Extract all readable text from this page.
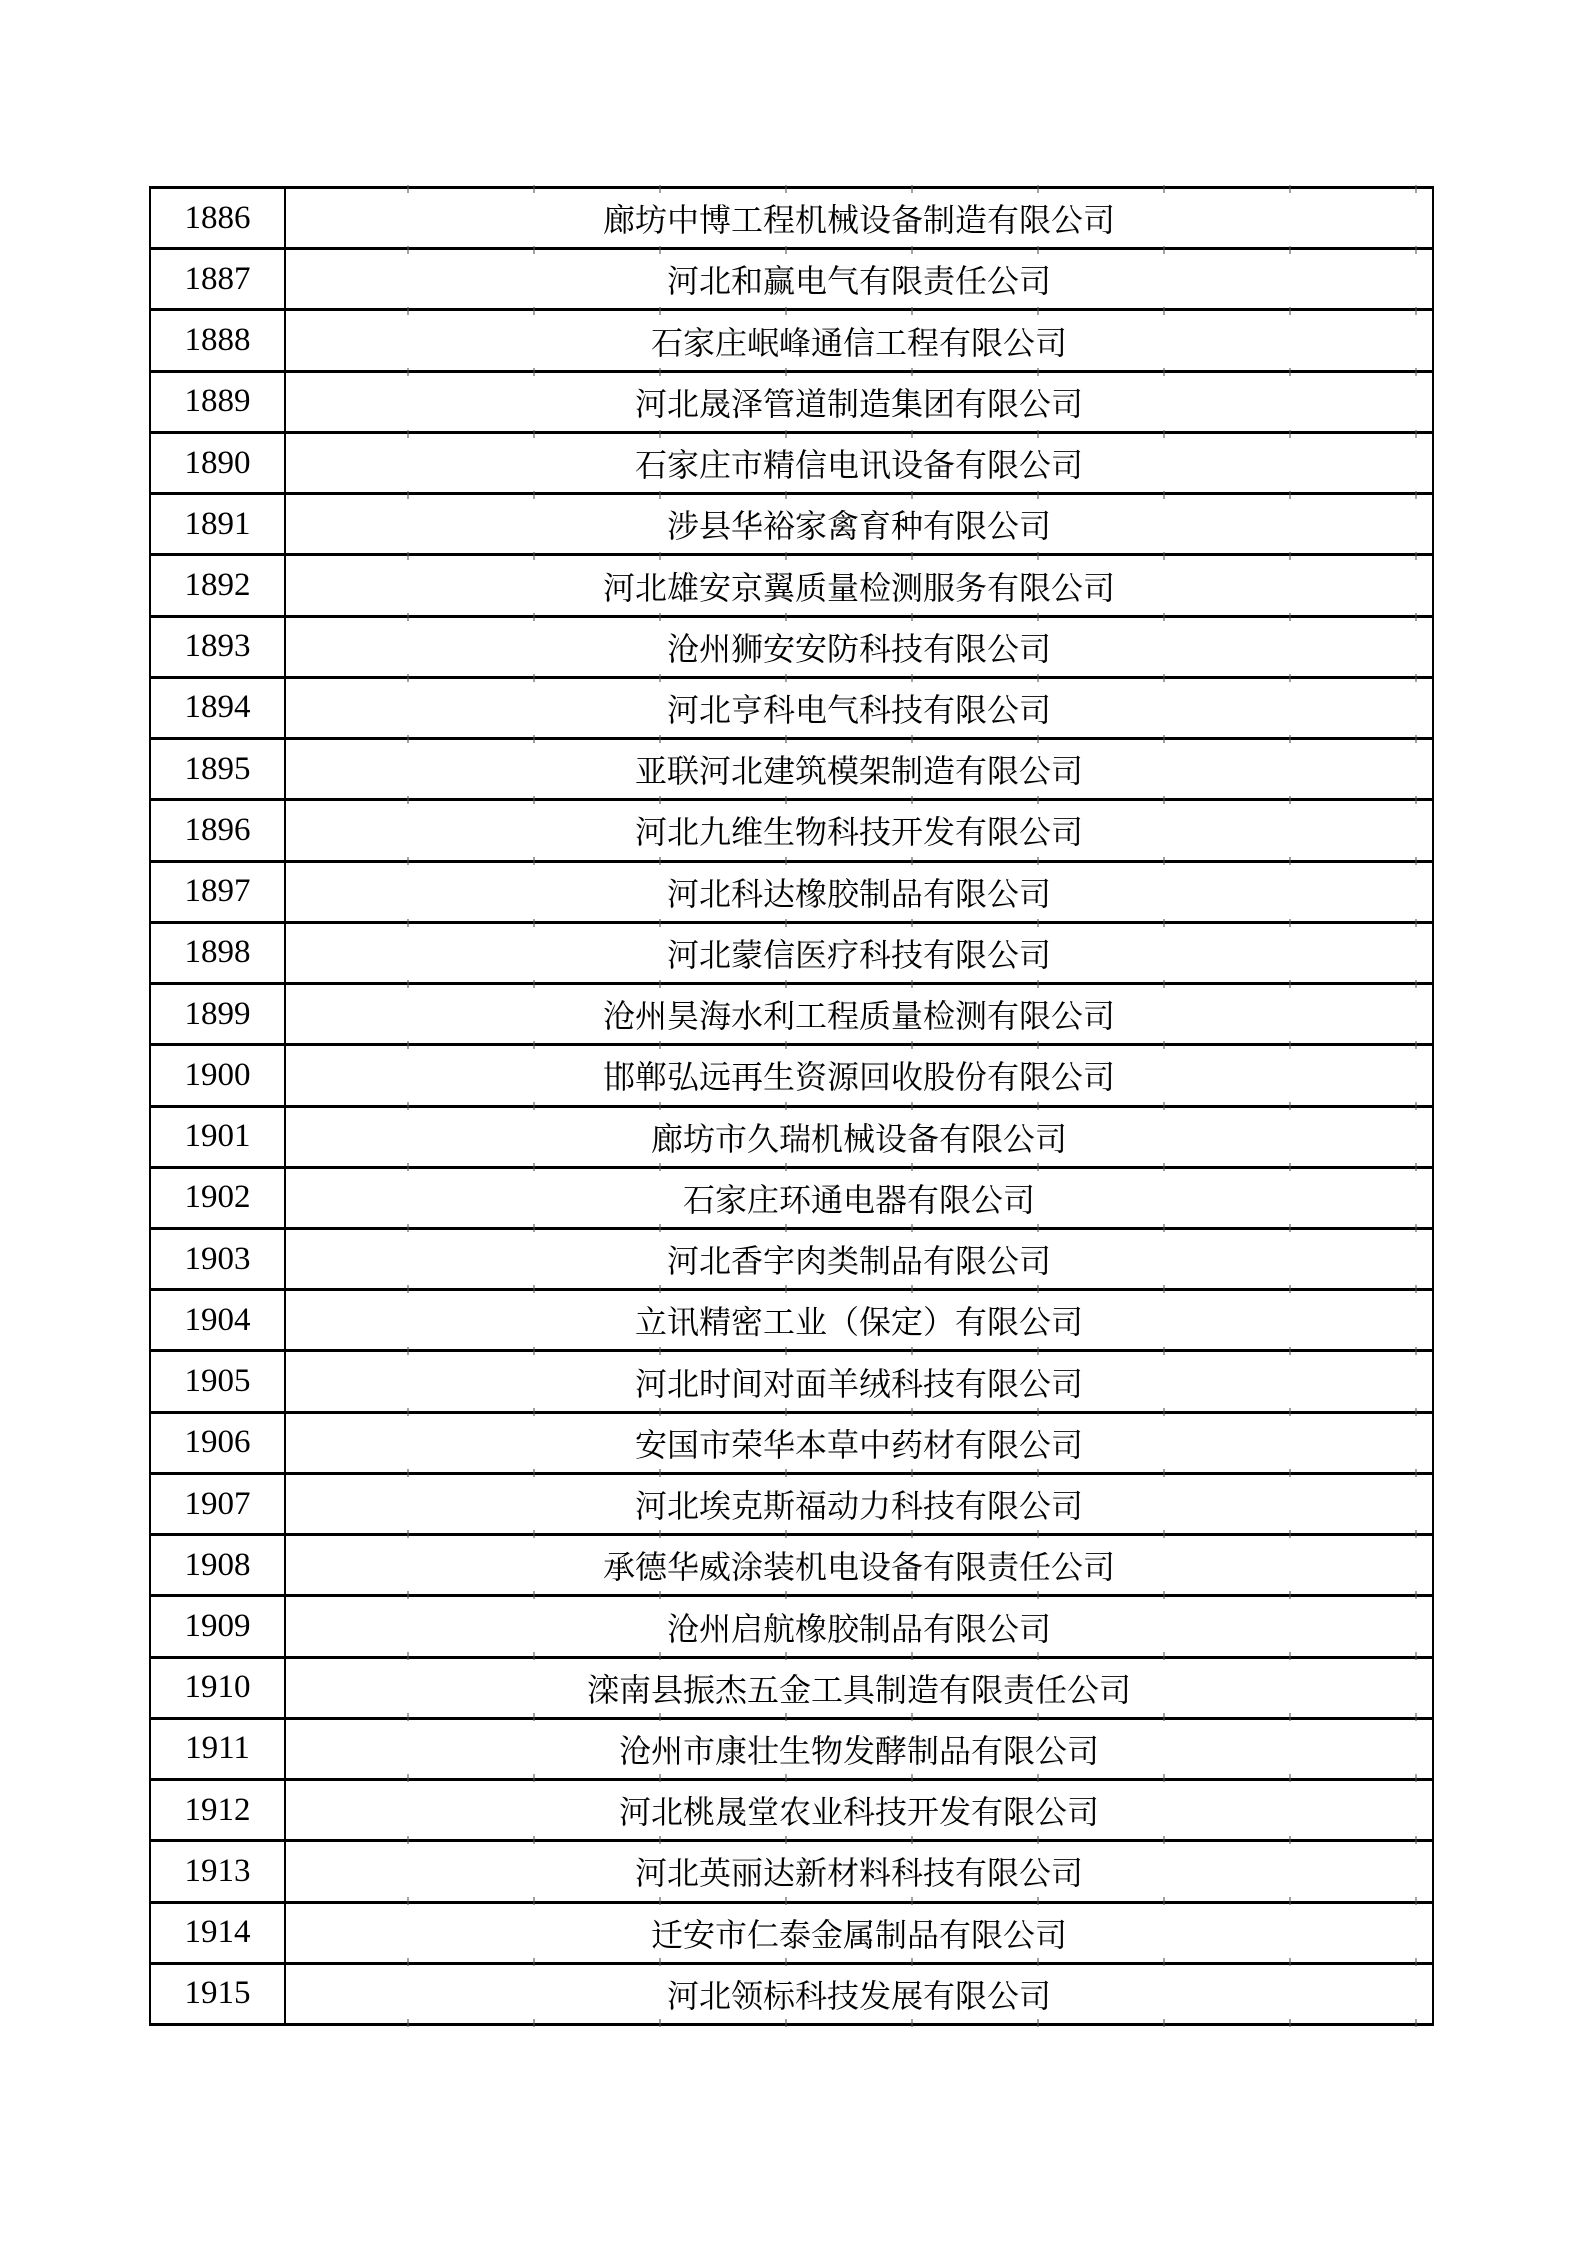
1886	廊坊中博工程机械设备制造有限公司
1887	河北和赢电气有限责任公司
1888	石家庄岷峰通信工程有限公司
1889	河北晟泽管道制造集团有限公司
1890	石家庄市精信电讯设备有限公司
1891	涉县华裕家禽育种有限公司
1892	河北雄安京翼质量检测服务有限公司
1893	沧州狮安安防科技有限公司
1894	河北亨科电气科技有限公司
1895	亚联河北建筑模架制造有限公司
1896	河北九维生物科技开发有限公司
1897	河北科达橡胶制品有限公司
1898	河北蒙信医疗科技有限公司
1899	沧州昊海水利工程质量检测有限公司
1900	邯郸弘远再生资源回收股份有限公司
1901	廊坊市久瑞机械设备有限公司
1902	石家庄环通电器有限公司
1903	河北香宇肉类制品有限公司
1904	立讯精密工业（保定）有限公司
1905	河北时间对面羊绒科技有限公司
1906	安国市荣华本草中药材有限公司
1907	河北埃克斯福动力科技有限公司
1908	承德华威涂装机电设备有限责任公司
1909	沧州启航橡胶制品有限公司
1910	滦南县振杰五金工具制造有限责任公司
1911	沧州市康壮生物发酵制品有限公司
1912	河北桃晟堂农业科技开发有限公司
1913	河北英丽达新材料科技有限公司
1914	迁安市仁泰金属制品有限公司
1915	河北领标科技发展有限公司
